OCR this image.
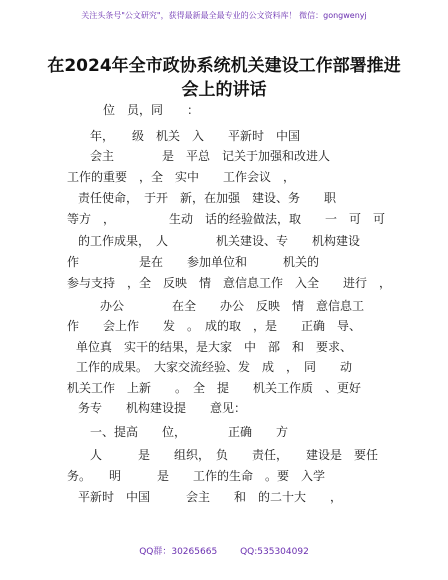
关注头条号"公文研究"，获得最新最全最专业的公文资料库！ 微信：gongwenyj
在2024年全市政协系统机关建设工作部署推进
会上的讲话
位　员，同　　：
年，　　级　机关　入　　平新时　中国
会主　　　　是　平总　记关于加强和改进人
工作的重要　，全　实中　　工作会议　，
责任使命，　于开　新，在加强　建设、务　　职
等方　，　　　　　生动　话的经验做法，取　　一　可　可
的工作成果，　人　　　　机关建设、专　　机构建设
作　　　　　是在　　参加单位和　　　机关的
参与支持　，全　反映　情　意信息工作　入全　　进行　，
办公　　　　在全　　办公　反映　情　意信息工
作　　会上作　　发　。　成的取　，是　　正确　导、
单位真　实干的结果，是大家　中　部　和　要求、
工作的成果。　大家交流经验、发　成　，　同　　动
机关工作　上新　　。　全　提　　机关工作质　、更好
务专　　机构建设提　　意见：
一、提高　　位，　　　　正确　　方
人　　　是　　组织，　负　　责任，　　建设是　要任
务。　　明　　　是　　工作的生命　。要　入学
平新时　中国　　　会主　　和　的二十大　　，
QQ群：30265665	QQ:535304092
